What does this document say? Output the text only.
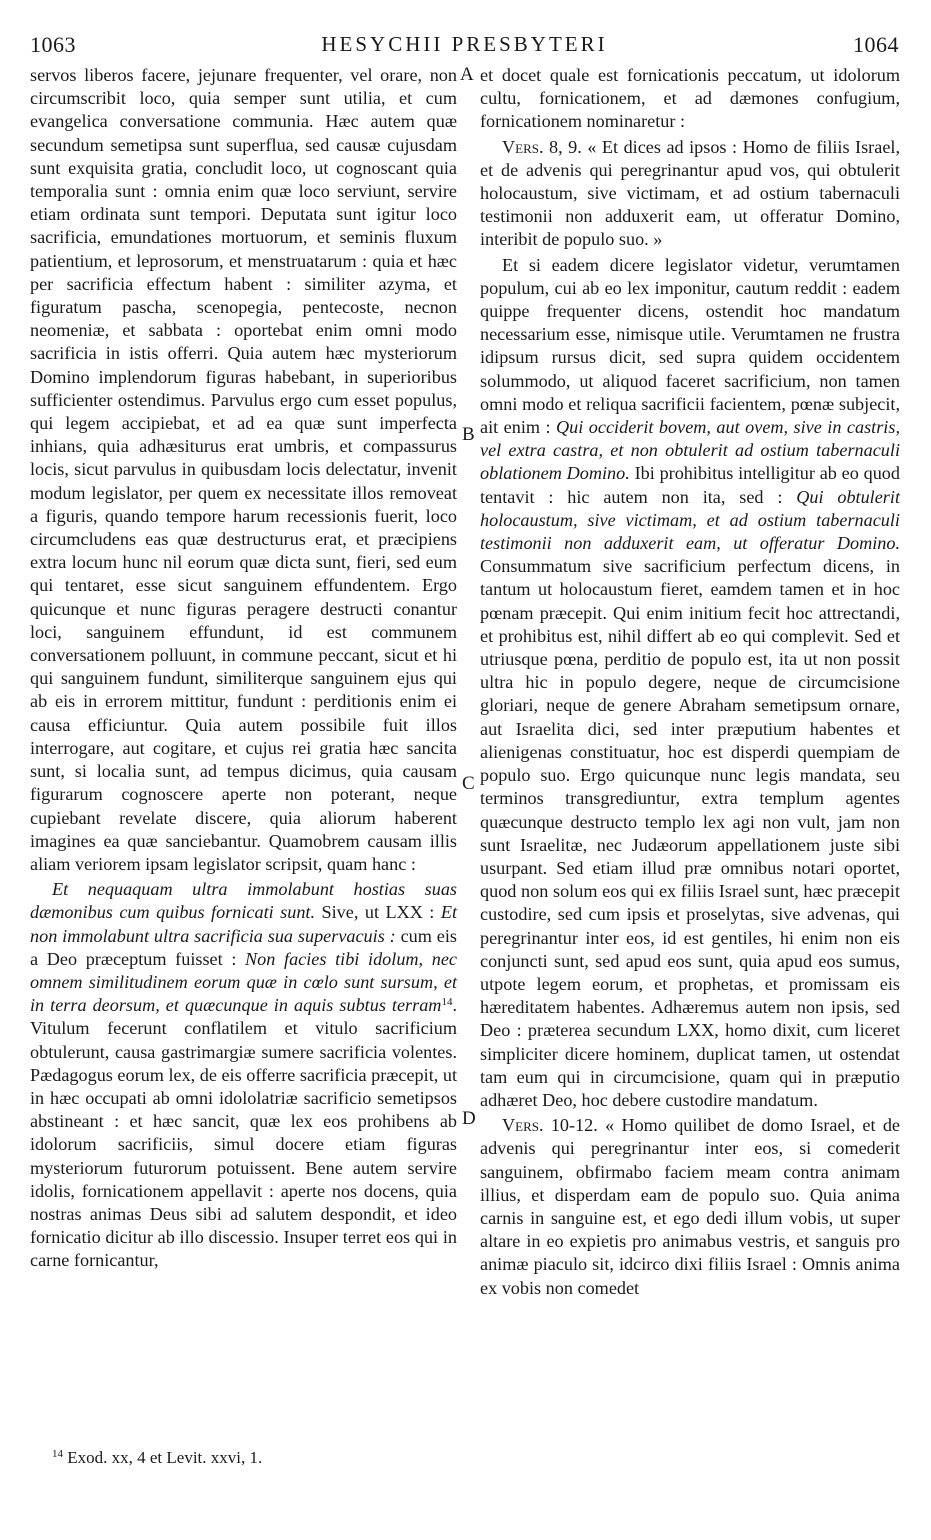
1063	HESYCHII PRESBYTERI	1064

servos liberos facere, jejunare frequenter, vel orare, non circumscribit loco, quia semper sunt utilia, et cum evangelica conversatione communia. Hæc autem quæ secundum semetipsa sunt superflua, sed causæ cujusdam sunt exquisita gratia, concludit loco, ut cognoscant quia temporalia sunt : omnia enim quæ loco serviunt, servire etiam ordinata sunt tempori. Deputata sunt igitur loco sacrificia, emundationes mortuorum, et seminis fluxum patientium, et leprosorum, et menstruatarum : quia et hæc per sacrificia effectum habent : similiter azyma, et figuratum pascha, scenopegia, pentecoste, necnon neomeniæ, et sabbata : oportebat enim omni modo sacrificia in istis offerri. Quia autem hæc mysteriorum Domino implendorum figuras habebant, in superioribus sufficienter ostendimus. Parvulus ergo cum esset populus, qui legem accipiebat, et ad ea quæ sunt imperfecta inhians, quia adhæsiturus erat umbris, et compassurus locis, sicut parvulus in quibusdam locis delectatur, invenit modum legislator, per quem ex necessitate illos removeat a figuris, quando tempore harum recessionis fuerit, loco circumcludens eas quæ destructurus erat, et præcipiens extra locum hunc nil eorum quæ dicta sunt, fieri, sed eum qui tentaret, esse sicut sanguinem effundentem. Ergo quicunque et nunc figuras peragere destructi conantur loci, sanguinem effundunt, id est communem conversationem polluunt, in commune peccant, sicut et hi qui sanguinem fundunt, similiterque sanguinem ejus qui ab eis in errorem mittitur, fundunt : perditionis enim ei causa efficiuntur. Quia autem possibile fuit illos interrogare, aut cogitare, et cujus rei gratia hæc sancita sunt, si localia sunt, ad tempus dicimus, quia causam figurarum cognoscere aperte non poterant, neque cupiebant revelate discere, quia aliorum haberent imagines ea quæ sanciebantur. Quamobrem causam illis aliam veriorem ipsam legislator scripsit, quam hanc :

Et nequaquam ultra immolabunt hostias suas dæmonibus cum quibus fornicati sunt. Sive, ut LXX : Et non immolabunt ultra sacrificia sua supervacuis : cum eis a Deo præceptum fuisset : Non facies tibi idolum, nec omnem similitudinem eorum quæ in cœlo sunt sursum, et in terra deorsum, et quæcunque in aquis subtus terram$^{14}$. Vitulum fecerunt conflatilem et vitulo sacrificium obtulerunt, causa gastrimargiæ sumere sacrificia volentes. Pædagogus eorum lex, de eis offerre sacrificia præcepit, ut in hæc occupati ab omni idololatriæ sacrificio semetipsos abstineant : et hæc sancit, quæ lex eos prohibens ab idolorum sacrificiis, simul docere etiam figuras mysteriorum futurorum potuissent. Bene autem servire idolis, fornicationem appellavit : aperte nos docens, quia nostras animas Deus sibi ad salutem despondit, et ideo fornicatio dicitur ab illo discessio. Insuper terret eos qui in carne fornicantur,

A
B
C
D

et docet quale est fornicationis peccatum, ut idolorum cultu, fornicationem, et ad dæmones confugium, fornicationem nominaretur :

Vers. 8, 9. « Et dices ad ipsos : Homo de filiis Israel, et de advenis qui peregrinantur apud vos, qui obtulerit holocaustum, sive victimam, et ad ostium tabernaculi testimonii non adduxerit eam, ut offeratur Domino, interibit de populo suo. »

Et si eadem dicere legislator videtur, verumtamen populum, cui ab eo lex imponitur, cautum reddit : eadem quippe frequenter dicens, ostendit hoc mandatum necessarium esse, nimisque utile. Verumtamen ne frustra idipsum rursus dicit, sed supra quidem occidentem solummodo, ut aliquod faceret sacrificium, non tamen omni modo et reliqua sacrificii facientem, pœnæ subjecit, ait enim : Qui occiderit bovem, aut ovem, sive in castris, vel extra castra, et non obtulerit ad ostium tabernaculi oblationem Domino. Ibi prohibitus intelligitur ab eo quod tentavit : hic autem non ita, sed : Qui obtulerit holocaustum, sive victimam, et ad ostium tabernaculi testimonii non adduxerit eam, ut offeratur Domino. Consummatum sive sacrificium perfectum dicens, in tantum ut holocaustum fieret, eamdem tamen et in hoc pœnam præcepit. Qui enim initium fecit hoc attrectandi, et prohibitus est, nihil differt ab eo qui complevit. Sed et utriusque pœna, perditio de populo est, ita ut non possit ultra hic in populo degere, neque de circumcisione gloriari, neque de genere Abraham semetipsum ornare, aut Israelita dici, sed inter præputium habentes et alienigenas constituatur, hoc est disperdi quempiam de populo suo. Ergo quicunque nunc legis mandata, seu terminos transgrediuntur, extra templum agentes quæcunque destructo templo lex agi non vult, jam non sunt Israelitæ, nec Judæorum appellationem juste sibi usurpant. Sed etiam illud præ omnibus notari oportet, quod non solum eos qui ex filiis Israel sunt, hæc præcepit custodire, sed cum ipsis et proselytas, sive advenas, qui peregrinantur inter eos, id est gentiles, hi enim non eis conjuncti sunt, sed apud eos sunt, quia apud eos sumus, utpote legem eorum, et prophetas, et promissam eis hæreditatem habentes. Adhæremus autem non ipsis, sed Deo : præterea secundum LXX, homo dixit, cum liceret simpliciter dicere hominem, duplicat tamen, ut ostendat tam eum qui in circumcisione, quam qui in præputio adhæret Deo, hoc debere custodire mandatum.

Vers. 10-12. « Homo quilibet de domo Israel, et de advenis qui peregrinantur inter eos, si comederit sanguinem, obfirmabo faciem meam contra animam illius, et disperdam eam de populo suo. Quia anima carnis in sanguine est, et ego dedi illum vobis, ut super altare in eo expietis pro animabus vestris, et sanguis pro animæ piaculo sit, idcirco dixi filiis Israel : Omnis anima ex vobis non comedet

$^{14}$ Exod. xx, 4 et Levit. xxvi, 1.
